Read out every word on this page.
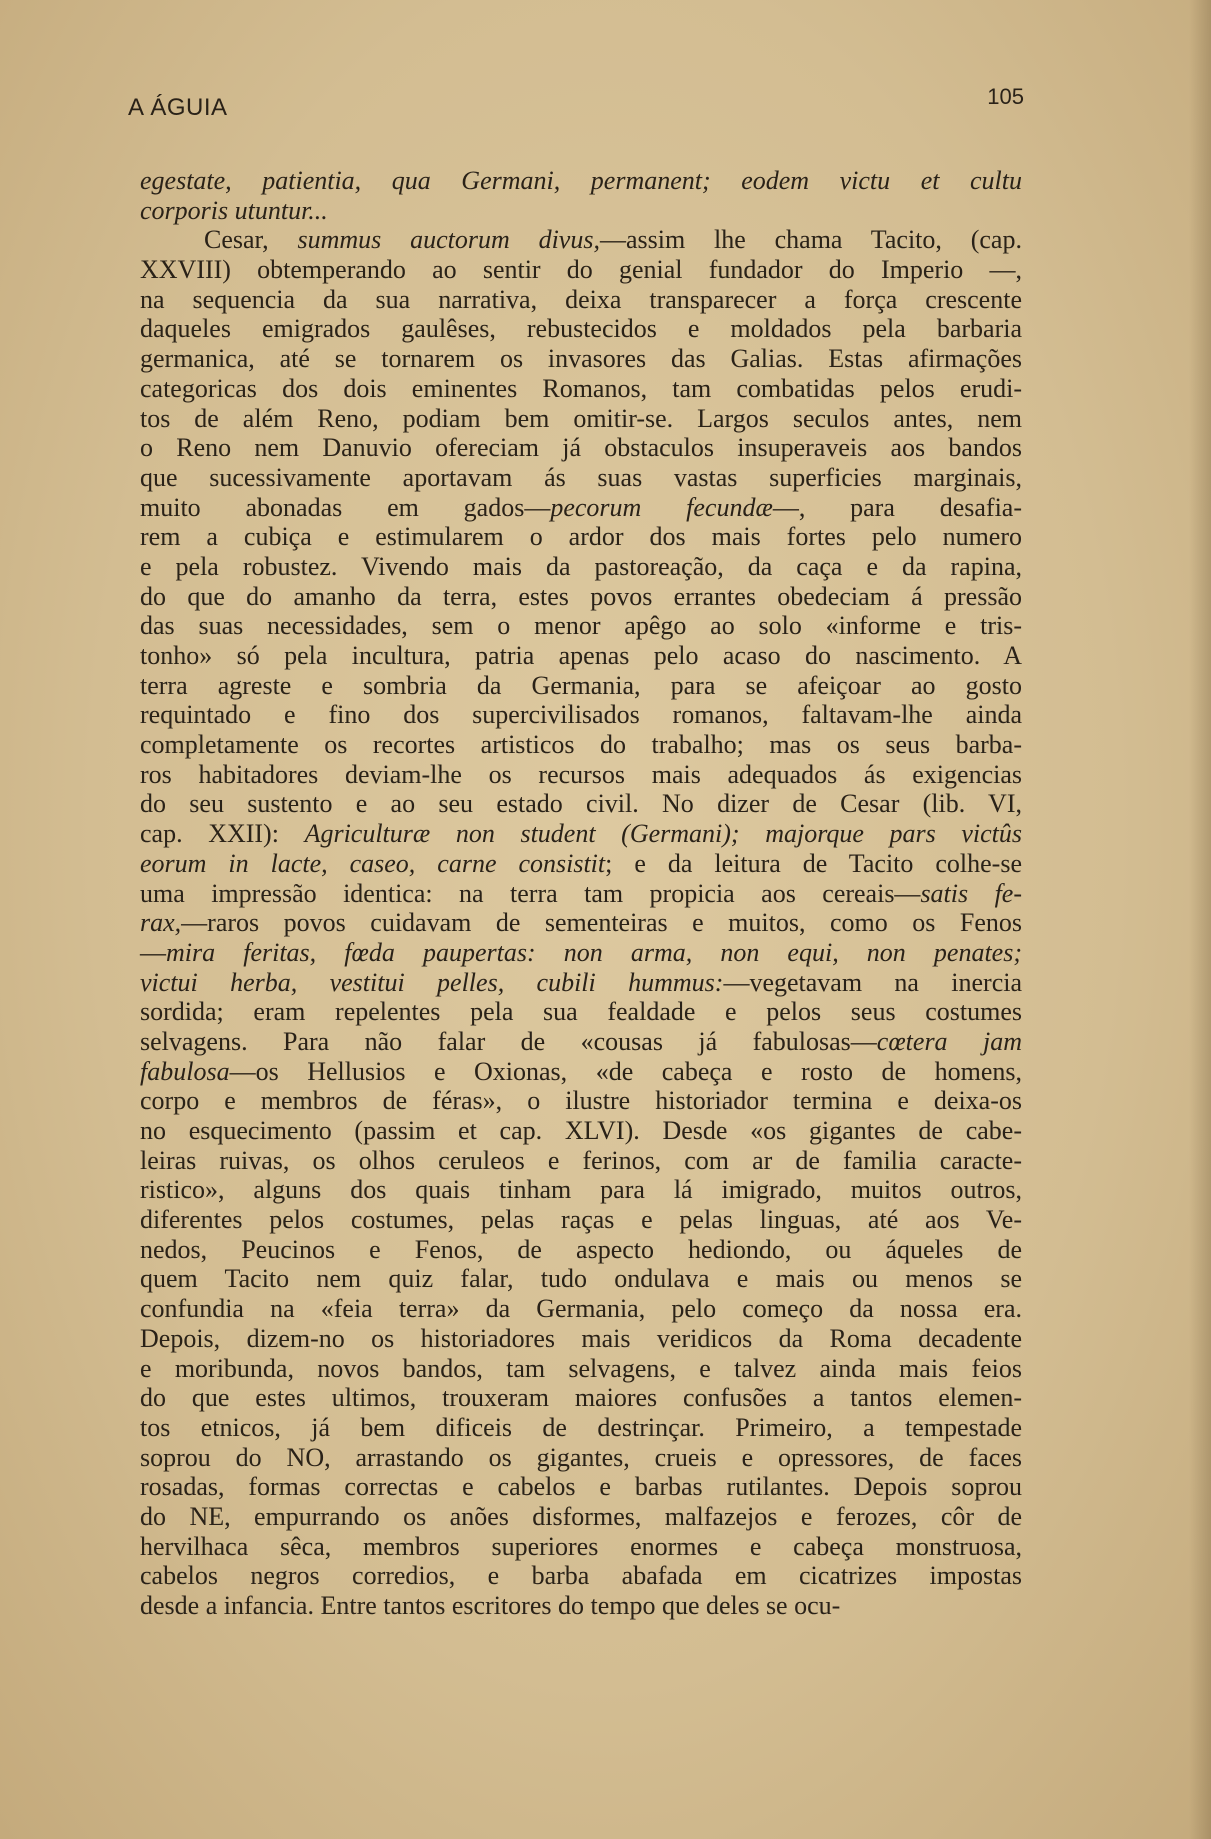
A ÁGUIA	105
egestate, patientia, qua Germani, permanent; eodem victu et cultu
corporis utuntur...
Cesar, summus auctorum divus,—assim lhe chama Tacito, (cap.
XXVIII) obtemperando ao sentir do genial fundador do Imperio —,
na sequencia da sua narrativa, deixa transparecer a força crescente
daqueles emigrados gaulêses, rebustecidos e moldados pela barbaria
germanica, até se tornarem os invasores das Galias. Estas afirmações
categoricas dos dois eminentes Romanos, tam combatidas pelos erudi-
tos de além Reno, podiam bem omitir-se. Largos seculos antes, nem
o Reno nem Danuvio ofereciam já obstaculos insuperaveis aos bandos
que sucessivamente aportavam ás suas vastas superficies marginais,
muito abonadas em gados—pecorum fecundæ—, para desafia-
rem a cubiça e estimularem o ardor dos mais fortes pelo numero
e pela robustez. Vivendo mais da pastoreação, da caça e da rapina,
do que do amanho da terra, estes povos errantes obedeciam á pressão
das suas necessidades, sem o menor apêgo ao solo «informe e tris-
tonho» só pela incultura, patria apenas pelo acaso do nascimento. A
terra agreste e sombria da Germania, para se afeiçoar ao gosto
requintado e fino dos supercivilisados romanos, faltavam-lhe ainda
completamente os recortes artisticos do trabalho; mas os seus barba-
ros habitadores deviam-lhe os recursos mais adequados ás exigencias
do seu sustento e ao seu estado civil. No dizer de Cesar (lib. VI,
cap. XXII): Agriculturæ non student (Germani); majorque pars victûs
eorum in lacte, caseo, carne consistit; e da leitura de Tacito colhe-se
uma impressão identica: na terra tam propicia aos cereais—satis fe-
rax,—raros povos cuidavam de sementeiras e muitos, como os Fenos
—mira feritas, fœda paupertas: non arma, non equi, non penates;
victui herba, vestitui pelles, cubili hummus:—vegetavam na inercia
sordida; eram repelentes pela sua fealdade e pelos seus costumes
selvagens. Para não falar de «cousas já fabulosas—cœtera jam
fabulosa—os Hellusios e Oxionas, «de cabeça e rosto de homens,
corpo e membros de féras», o ilustre historiador termina e deixa-os
no esquecimento (passim et cap. XLVI). Desde «os gigantes de cabe-
leiras ruivas, os olhos ceruleos e ferinos, com ar de familia caracte-
ristico», alguns dos quais tinham para lá imigrado, muitos outros,
diferentes pelos costumes, pelas raças e pelas linguas, até aos Ve-
nedos, Peucinos e Fenos, de aspecto hediondo, ou áqueles de
quem Tacito nem quiz falar, tudo ondulava e mais ou menos se
confundia na «feia terra» da Germania, pelo começo da nossa era.
Depois, dizem-no os historiadores mais veridicos da Roma decadente
e moribunda, novos bandos, tam selvagens, e talvez ainda mais feios
do que estes ultimos, trouxeram maiores confusões a tantos elemen-
tos etnicos, já bem dificeis de destrinçar. Primeiro, a tempestade
soprou do NO, arrastando os gigantes, crueis e opressores, de faces
rosadas, formas correctas e cabelos e barbas rutilantes. Depois soprou
do NE, empurrando os anões disformes, malfazejos e ferozes, côr de
hervilhaca sêca, membros superiores enormes e cabeça monstruosa,
cabelos negros corredios, e barba abafada em cicatrizes impostas
desde a infancia. Entre tantos escritores do tempo que deles se ocu-
